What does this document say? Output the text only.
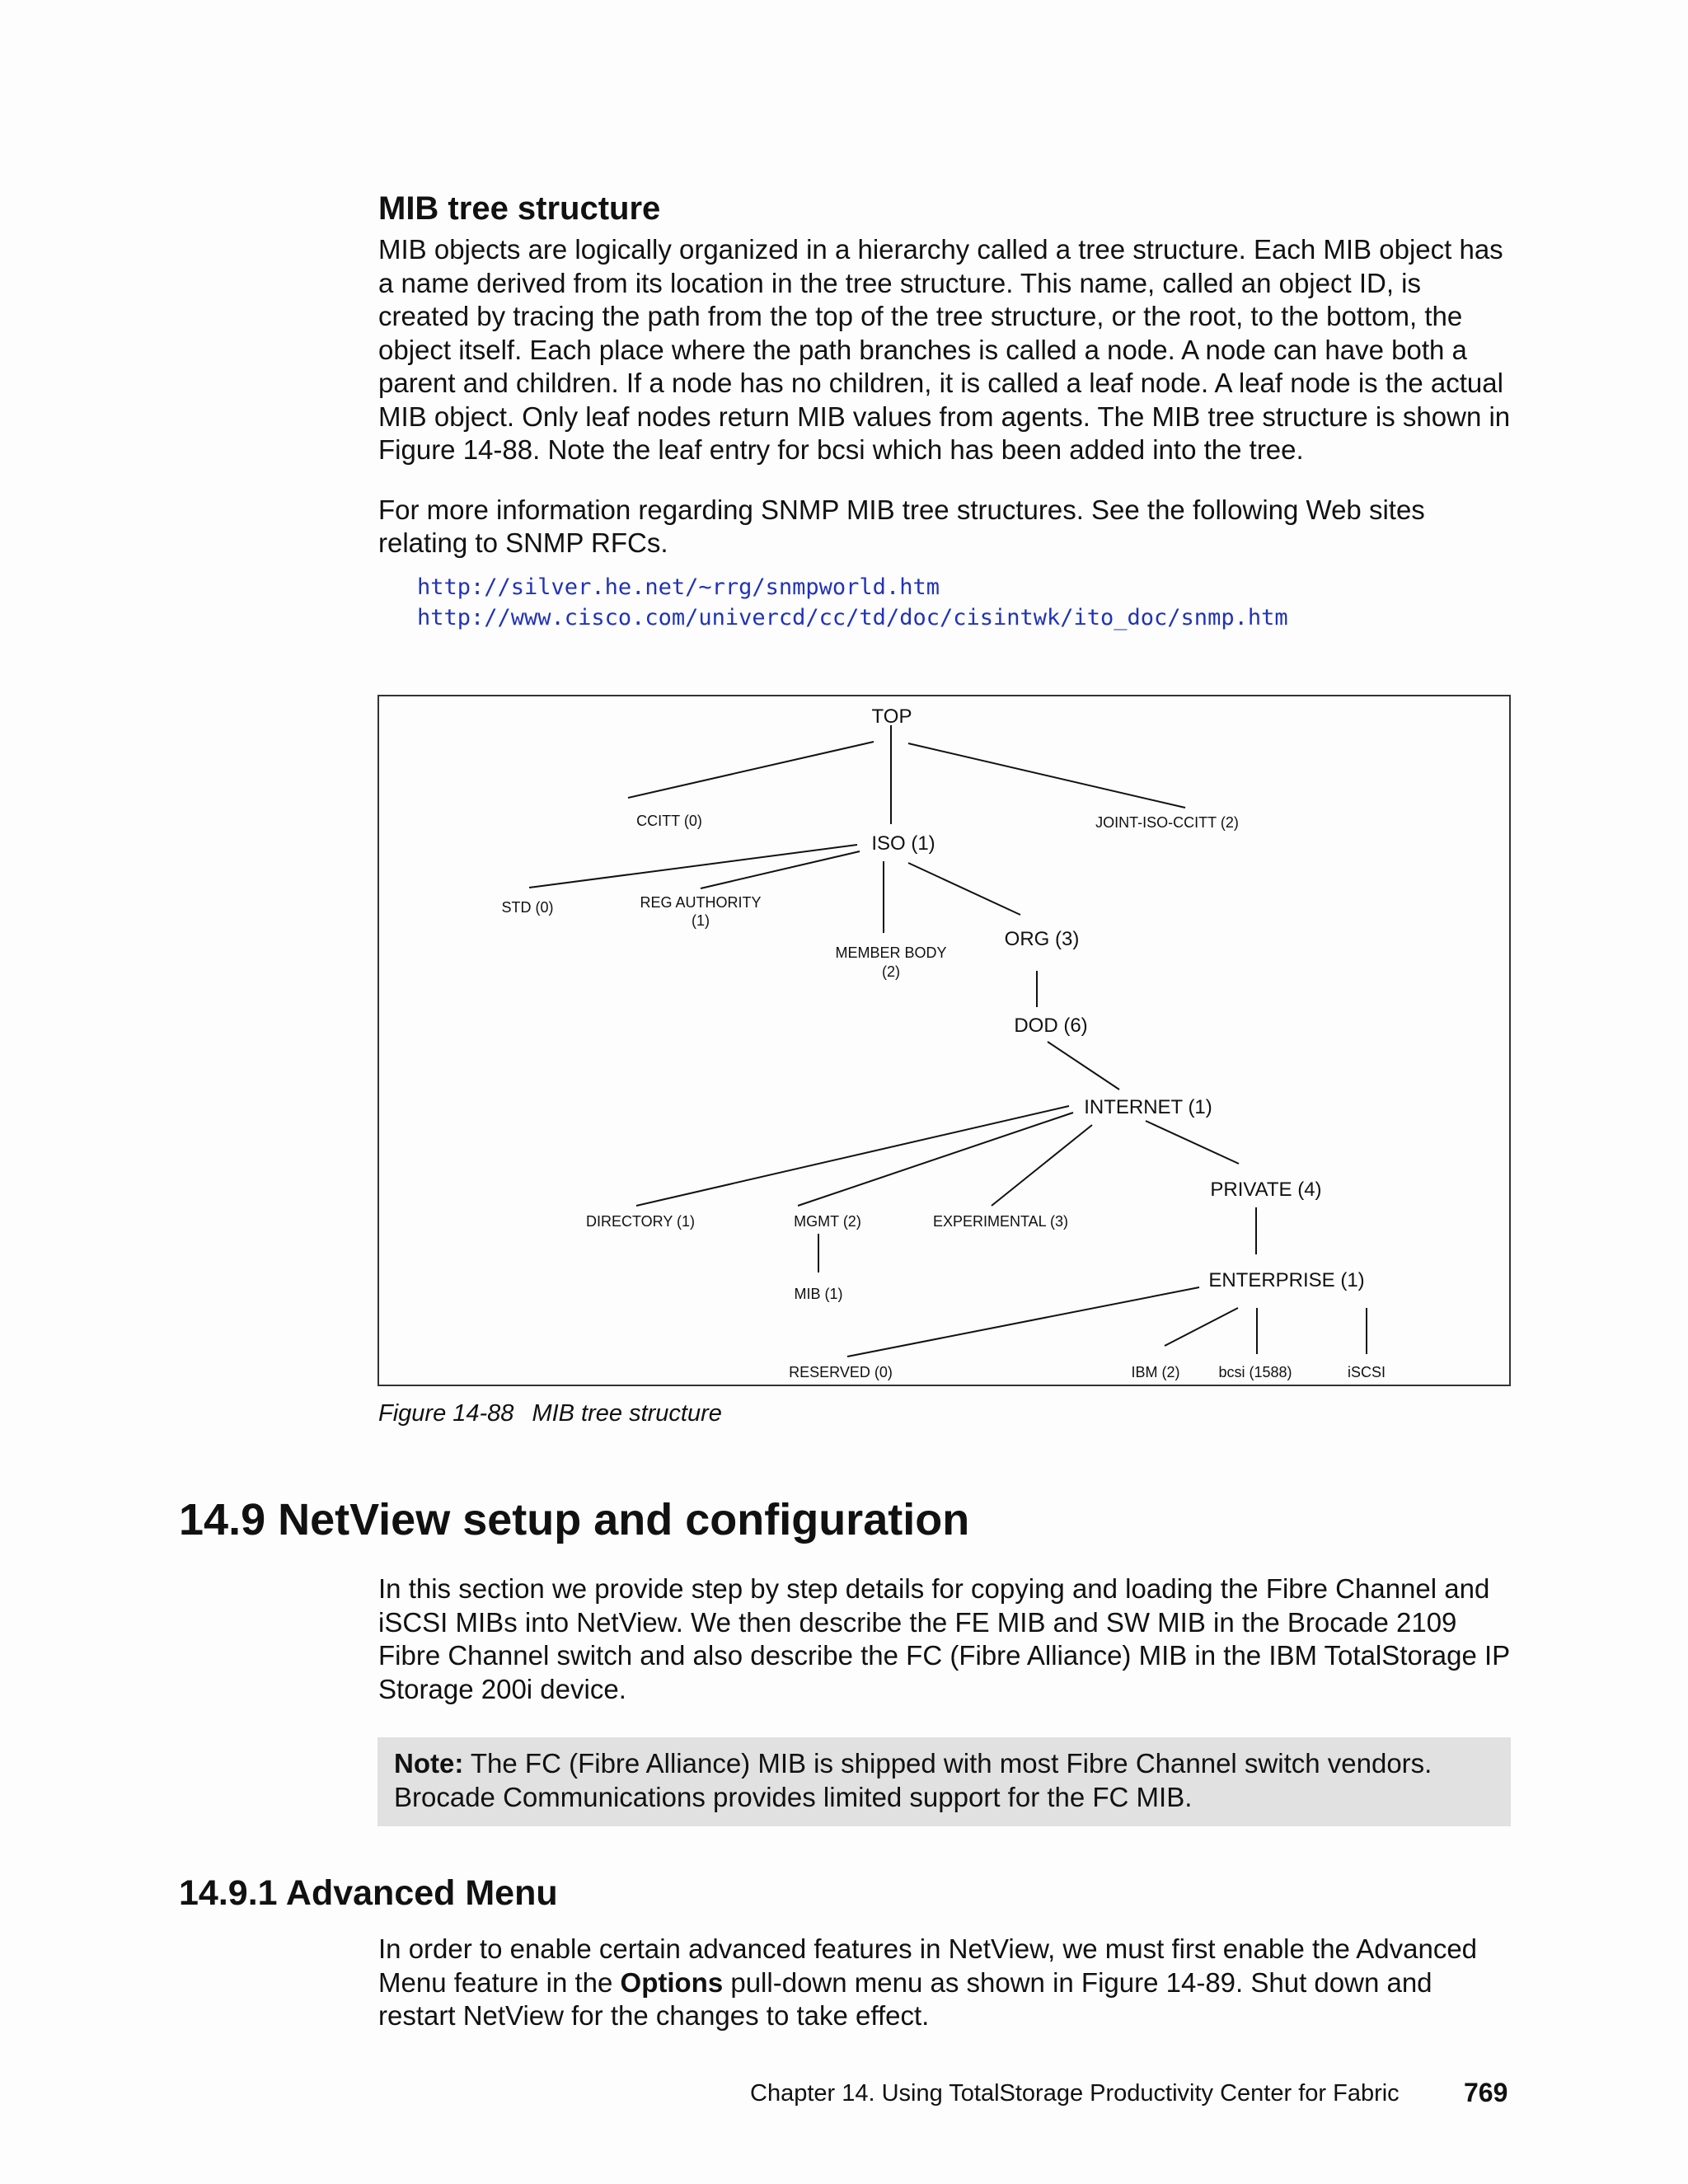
MIB tree structure

MIB objects are logically organized in a hierarchy called a tree structure. Each MIB object has a name derived from its location in the tree structure. This name, called an object ID, is created by tracing the path from the top of the tree structure, or the root, to the bottom, the object itself. Each place where the path branches is called a node. A node can have both a parent and children. If a node has no children, it is called a leaf node. A leaf node is the actual MIB object. Only leaf nodes return MIB values from agents. The MIB tree structure is shown in Figure 14-88. Note the leaf entry for bcsi which has been added into the tree.

For more information regarding SNMP MIB tree structures. See the following Web sites relating to SNMP RFCs.

http://silver.he.net/~rrg/snmpworld.htm
http://www.cisco.com/univercd/cc/td/doc/cisintwk/ito_doc/snmp.htm
TOP
CCITT (0)
ISO (1)
JOINT-ISO-CCITT (2)
STD (0)	REG AUTHORITY
(1)
MEMBER BODY
(2)
ORG (3)
DOD (6)
INTERNET (1)
DIRECTORY (1)	MGMT (2)	EXPERIMENTAL (3)
PRIVATE (4)
MIB (1)
ENTERPRISE (1)
RESERVED (0)	IBM (2)	bcsi (1588)	iSCSI
Figure 14-88 MIB tree structure
14.9 NetView setup and configuration
In this section we provide step by step details for copying and loading the Fibre Channel and iSCSI MIBs into NetView. We then describe the FE MIB and SW MIB in the Brocade 2109 Fibre Channel switch and also describe the FC (Fibre Alliance) MIB in the IBM TotalStorage IP Storage 200i device.
Note: The FC (Fibre Alliance) MIB is shipped with most Fibre Channel switch vendors. Brocade Communications provides limited support for the FC MIB.
14.9.1 Advanced Menu
In order to enable certain advanced features in NetView, we must first enable the Advanced Menu feature in the Options pull-down menu as shown in Figure 14-89. Shut down and restart NetView for the changes to take effect.
Chapter 14. Using TotalStorage Productivity Center for Fabric 769
